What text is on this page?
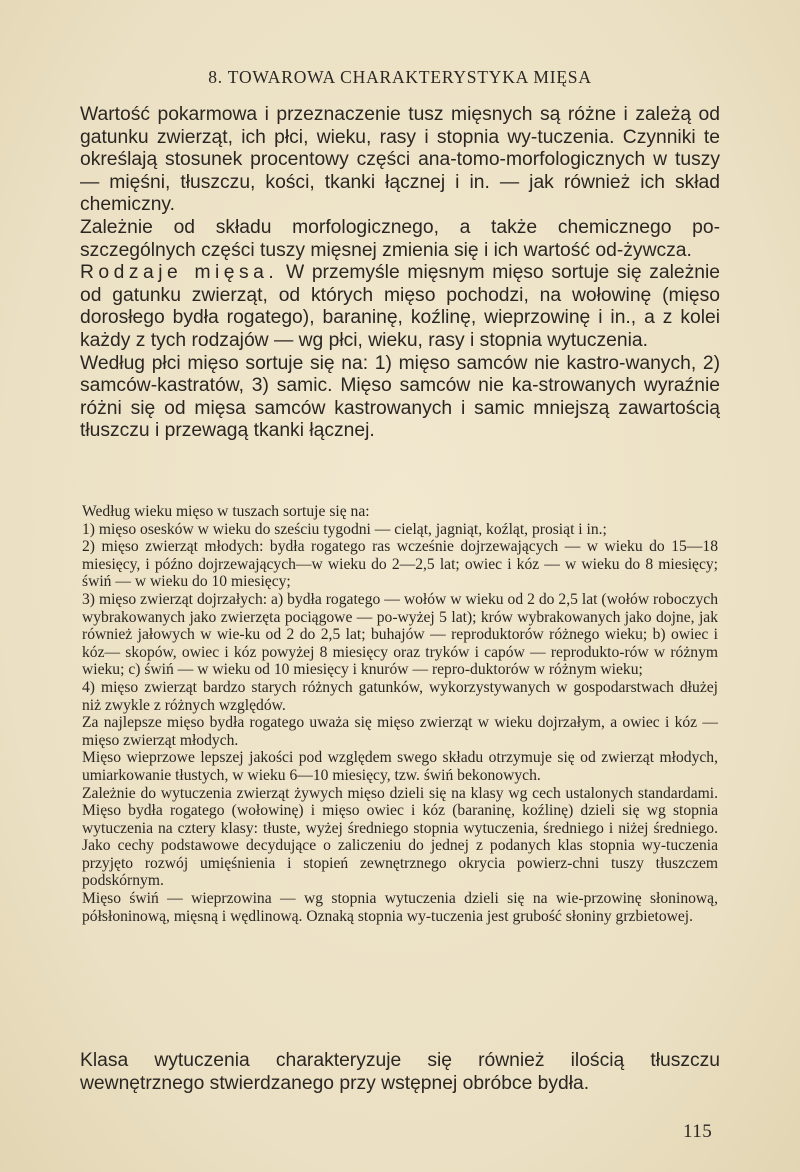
8. TOWAROWA CHARAKTERYSTYKA MIĘSA

Wartość pokarmowa i przeznaczenie tusz mięsnych są różne i zależą od gatunku zwierząt, ich płci, wieku, rasy i stopnia wy-tuczenia. Czynniki te określają stosunek procentowy części ana-tomo-morfologicznych w tuszy — mięśni, tłuszczu, kości, tkanki łącznej i in. — jak również ich skład chemiczny.

Zależnie od składu morfologicznego, a także chemicznego po-szczególnych części tuszy mięsnej zmienia się i ich wartość od-żywcza.

Rodzaje mięsa. W przemyśle mięsnym mięso sortuje się zależnie od gatunku zwierząt, od których mięso pochodzi, na wołowinę (mięso dorosłego bydła rogatego), baraninę, koźlinę, wieprzowinę i in., a z kolei każdy z tych rodzajów — wg płci, wieku, rasy i stopnia wytuczenia.

Według płci mięso sortuje się na: 1) mięso samców nie kastro-wanych, 2) samców-kastratów, 3) samic. Mięso samców nie ka-strowanych wyraźnie różni się od mięsa samców kastrowanych i samic mniejszą zawartością tłuszczu i przewagą tkanki łącznej.

Według wieku mięso w tuszach sortuje się na:

1) mięso osesków w wieku do sześciu tygodni — cieląt, jagniąt, koźląt, prosiąt i in.;

2) mięso zwierząt młodych: bydła rogatego ras wcześnie dojrzewających — w wieku do 15—18 miesięcy, i późno dojrzewających—w wieku do 2—2,5 lat; owiec i kóz — w wieku do 8 miesięcy; świń — w wieku do 10 miesięcy;

3) mięso zwierząt dojrzałych: a) bydła rogatego — wołów w wieku od 2 do 2,5 lat (wołów roboczych wybrakowanych jako zwierzęta pociągowe — po-wyżej 5 lat); krów wybrakowanych jako dojne, jak również jałowych w wie-ku od 2 do 2,5 lat; buhajów — reproduktorów różnego wieku; b) owiec i kóz— skopów, owiec i kóz powyżej 8 miesięcy oraz tryków i capów — reprodukto-rów w różnym wieku; c) świń — w wieku od 10 miesięcy i knurów — repro-duktorów w różnym wieku;

4) mięso zwierząt bardzo starych różnych gatunków, wykorzystywanych w gospodarstwach dłużej niż zwykle z różnych względów.

Za najlepsze mięso bydła rogatego uważa się mięso zwierząt w wieku dojrzałym, a owiec i kóz — mięso zwierząt młodych.

Mięso wieprzowe lepszej jakości pod względem swego składu otrzymuje się od zwierząt młodych, umiarkowanie tłustych, w wieku 6—10 miesięcy, tzw. świń bekonowych.

Zależnie do wytuczenia zwierząt żywych mięso dzieli się na klasy wg cech ustalonych standardami. Mięso bydła rogatego (wołowinę) i mięso owiec i kóz (baraninę, koźlinę) dzieli się wg stopnia wytuczenia na cztery klasy: tłuste, wyżej średniego stopnia wytuczenia, średniego i niżej średniego. Jako cechy podstawowe decydujące o zaliczeniu do jednej z podanych klas stopnia wy-tuczenia przyjęto rozwój umięśnienia i stopień zewnętrznego okrycia powierz-chni tuszy tłuszczem podskórnym.

Mięso świń — wieprzowina — wg stopnia wytuczenia dzieli się na wie-przowinę słoninową, półsłoninową, mięsną i wędlinową. Oznaką stopnia wy-tuczenia jest grubość słoniny grzbietowej.

Klasa wytuczenia charakteryzuje się również ilością tłuszczu wewnętrznego stwierdzanego przy wstępnej obróbce bydła.

115
